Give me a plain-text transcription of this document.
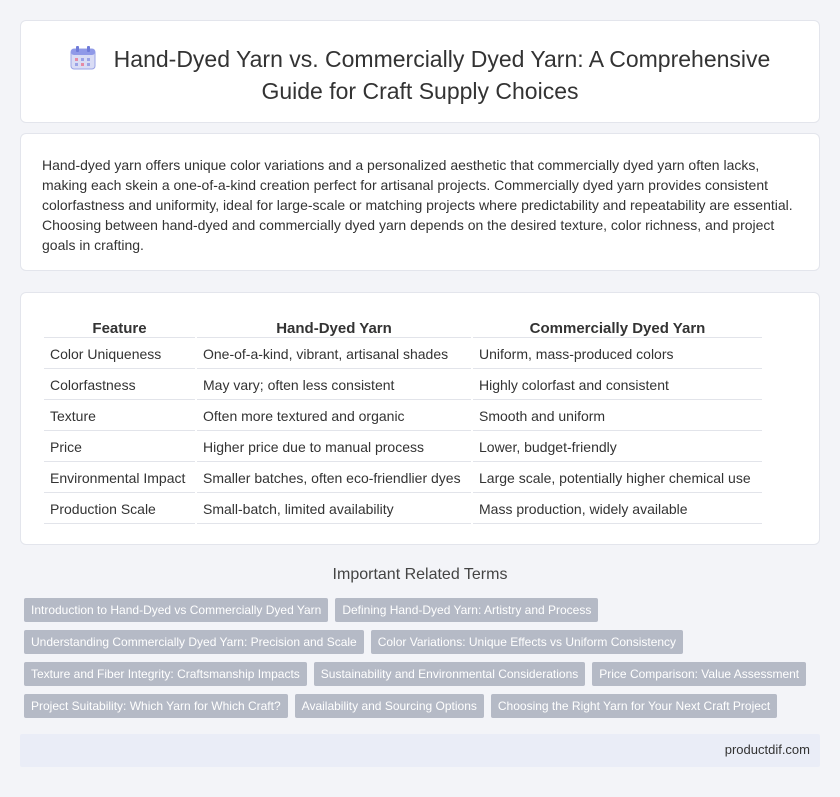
Hand-Dyed Yarn vs. Commercially Dyed Yarn: A Comprehensive
Guide for Craft Supply Choices

Hand-dyed yarn offers unique color variations and a personalized aesthetic that commercially dyed yarn often lacks, making each skein a one-of-a-kind creation perfect for artisanal projects. Commercially dyed yarn provides consistent colorfastness and uniformity, ideal for large-scale or matching projects where predictability and repeatability are essential. Choosing between hand-dyed and commercially dyed yarn depends on the desired texture, color richness, and project goals in crafting.

Feature	Hand-Dyed Yarn	Commercially Dyed Yarn
Color Uniqueness	One-of-a-kind, vibrant, artisanal shades	Uniform, mass-produced colors
Colorfastness	May vary; often less consistent	Highly colorfast and consistent
Texture	Often more textured and organic	Smooth and uniform
Price	Higher price due to manual process	Lower, budget-friendly
Environmental Impact	Smaller batches, often eco-friendlier dyes	Large scale, potentially higher chemical use
Production Scale	Small-batch, limited availability	Mass production, widely available
Important Related Terms
Introduction to Hand-Dyed vs Commercially Dyed Yarn Defining Hand-Dyed Yarn: Artistry and Process
Understanding Commercially Dyed Yarn: Precision and Scale Color Variations: Unique Effects vs Uniform Consistency
Texture and Fiber Integrity: Craftsmanship Impacts Sustainability and Environmental Considerations Price Comparison: Value Assessment
Project Suitability: Which Yarn for Which Craft? Availability and Sourcing Options Choosing the Right Yarn for Your Next Craft Project
productdif.com
